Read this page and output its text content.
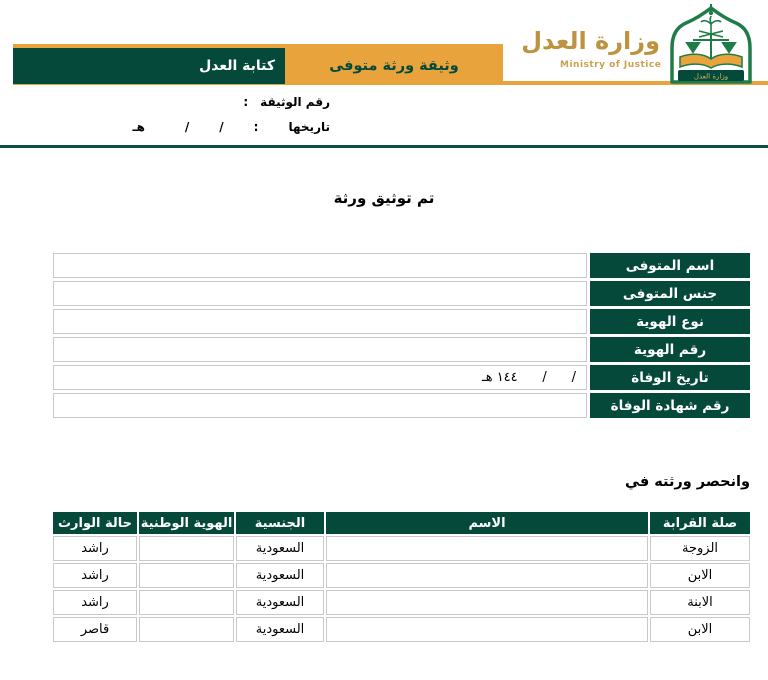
كتابة العدل	وثيقة ورثة متوفى
وزارة العدل
Ministry of Justice
وزارة العدل
رقم الوثيقة
:
تاريخها
:
/
/
هـ
تم توثيق ورثة
اسم المتوفى
جنس المتوفى
نوع الهوية
رقم الهوية
تاريخ الوفاة
/      /      ١٤٤ هـ
رقم شهادة الوفاة
وانحصر ورثته في
صلة القرابة
الاسم
الجنسية
الهوية الوطنية
حالة الوارث
الزوجة
السعودية
راشد
الابن
السعودية
راشد
الابنة
السعودية
راشد
الابن
السعودية
قاصر
